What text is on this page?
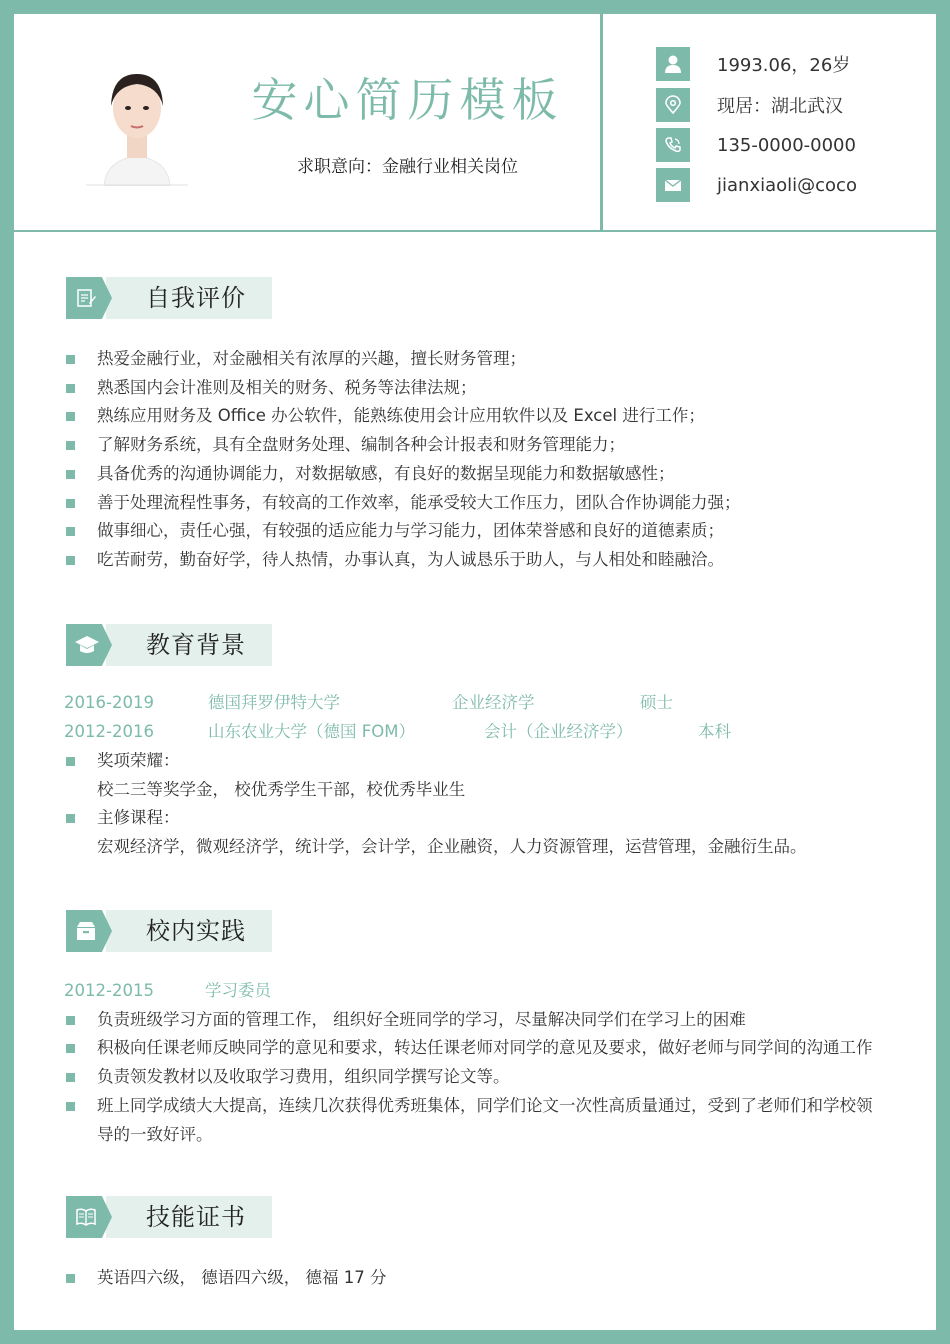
安心简历模板
求职意向：金融行业相关岗位
1993.06，26岁
现居：湖北武汉
135-0000-0000
jianxiaoli@coco
自我评价
热爱金融行业，对金融相关有浓厚的兴趣，擅长财务管理；
熟悉国内会计准则及相关的财务、税务等法律法规；
熟练应用财务及 Office 办公软件，能熟练使用会计应用软件以及 Excel 进行工作；
了解财务系统，具有全盘财务处理、编制各种会计报表和财务管理能力；
具备优秀的沟通协调能力，对数据敏感，有良好的数据呈现能力和数据敏感性；
善于处理流程性事务，有较高的工作效率，能承受较大工作压力，团队合作协调能力强；
做事细心，责任心强，有较强的适应能力与学习能力，团体荣誉感和良好的道德素质；
吃苦耐劳，勤奋好学，待人热情，办事认真，为人诚恳乐于助人，与人相处和睦融洽。
教育背景
2016-2019	德国拜罗伊特大学	企业经济学	硕士
2012-2016	山东农业大学（德国 FOM）	会计（企业经济学）	本科
奖项荣耀：
校二三等奖学金， 校优秀学生干部，校优秀毕业生
主修课程：
宏观经济学，微观经济学，统计学，会计学，企业融资，人力资源管理，运营管理，金融衍生品。
校内实践
2012-2015	学习委员
负责班级学习方面的管理工作， 组织好全班同学的学习，尽量解决同学们在学习上的困难
积极向任课老师反映同学的意见和要求，转达任课老师对同学的意见及要求，做好老师与同学间的沟通工作
负责领发教材以及收取学习费用，组织同学撰写论文等。
班上同学成绩大大提高，连续几次获得优秀班集体，同学们论文一次性高质量通过，受到了老师们和学校领
导的一致好评。
技能证书
英语四六级， 德语四六级， 德福 17 分
